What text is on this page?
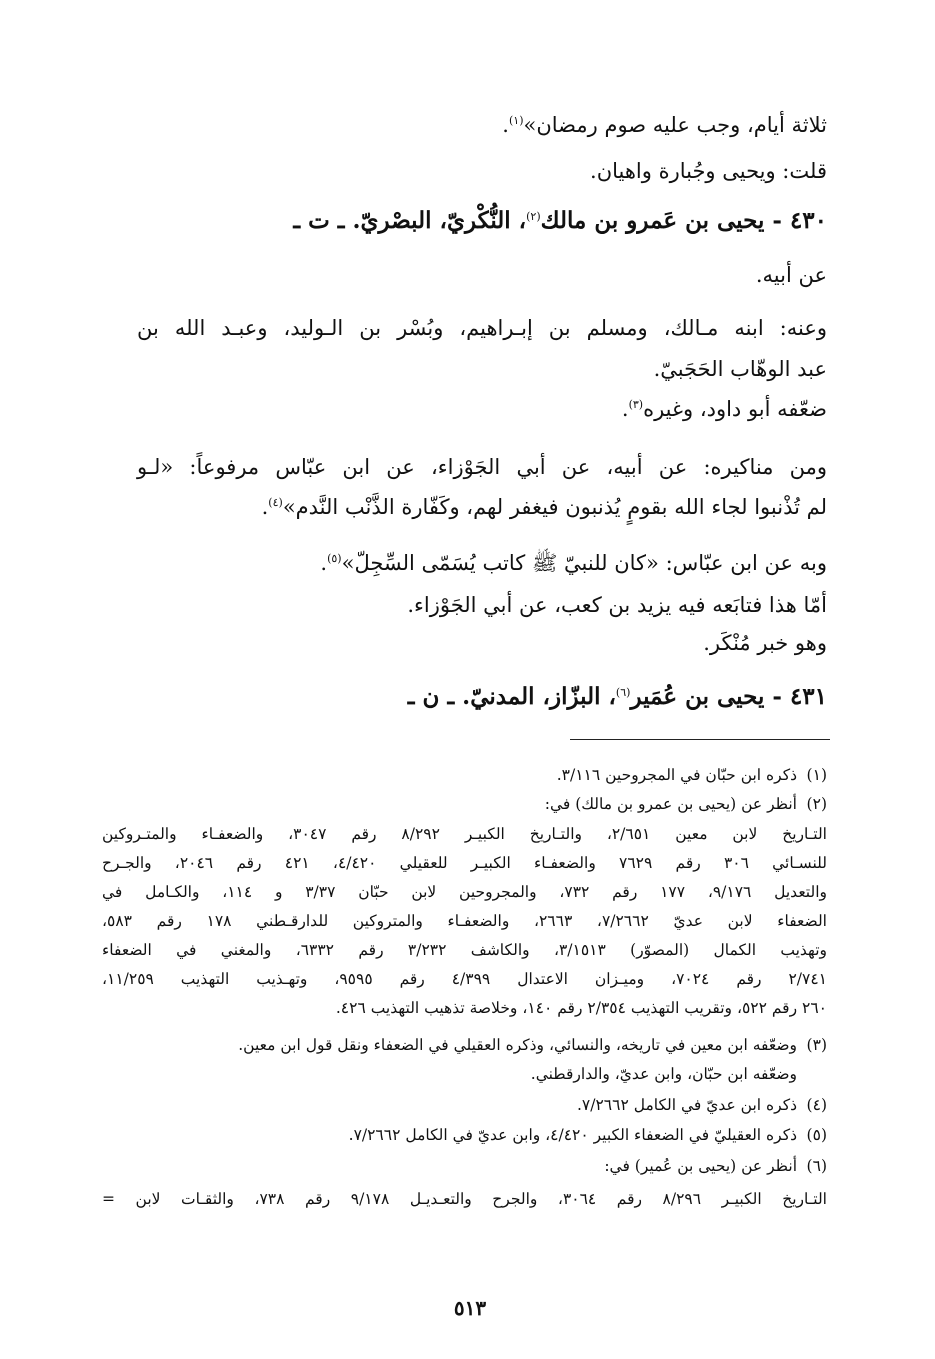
ثلاثة أيام، وجب عليه صوم رمضان»$^{(١)}$.
قلت: ويحيى وجُبارة واهيان.
٤٣٠ - يحيى بن عَمرو بن مالك$^{(٢)}$، النُّكْريّ، البصْريّ. ـ ت ـ
عن أبيه.
وعنه: ابنه مـالك، ومسلم بن إبـراهيم، وبُسْر بن الـوليد، وعبـد الله بن
عبد الوهّاب الحَجَبيّ.
ضعّفه أبو داود، وغيره$^{(٣)}$.
ومن مناكيره: عن أبيه، عن أبي الجَوْزاء، عن ابن عبّاس مرفوعاً: «لـو
لم تُذْنبوا لجاء الله بقومٍ يُذنبون فيغفر لهم، وكَفّارة الذَّنْب النَّدم»$^{(٤)}$.
وبه عن ابن عبّاس: «كان للنبيّ ﷺ كاتب يُسَمّى السِّجِلّ»$^{(٥)}$.
أمّا هذا فتابَعه فيه يزيد بن كعب، عن أبي الجَوْزاء.
وهو خبر مُنْكَر.
٤٣١ - يحيى بن عُمَير$^{(٦)}$، البزّاز، المدنيّ. ـ ن ـ
(١)ذكره ابن حبّان في المجروحين ٣/١١٦.
(٢)أنظر عن (يحيى بن عمرو بن مالك) في:
التـاريخ لابن معين ٢/٦٥١، والتـاريخ الكبيـر ٨/٢٩٢ رقم ٣٠٤٧، والضعفـاء والمتـروكين
للنسـائي ٣٠٦ رقم ٧٦٢٩ والضعفـاء الكبيـر للعقيلي ٤/٤٢٠، ٤٢١ رقم ٢٠٤٦، والجـرح
والتعديل ٩/١٧٦، ١٧٧ رقم ٧٣٢، والمجروحين لابن حبّان ٣/٣٧ و ١١٤، والكـامل في
الضعفاء لابن عديّ ٧/٢٦٦٢، ٢٦٦٣، والضعفـاء والمتروكين للدارقـطني ١٧٨ رقم ٥٨٣،
وتهذيب الكمال (المصوّر) ٣/١٥١٣، والكاشف ٣/٢٣٢ رقم ٦٣٣٢، والمغني في الضعفاء
٢/٧٤١ رقم ٧٠٢٤، وميـزان الاعتدال ٤/٣٩٩ رقم ٩٥٩٥، وتهـذيب التهذيب ١١/٢٥٩،
٢٦٠ رقم ٥٢٢، وتقريب التهذيب ٢/٣٥٤ رقم ١٤٠، وخلاصة تذهيب التهذيب ٤٢٦.
(٣)وضعّفه ابن معين في تاريخه، والنسائي، وذكره العقيلي في الضعفاء ونقل قول ابن معين.
وضعّفه ابن حبّان، وابن عديّ، والدارقطني.
(٤)ذكره ابن عديّ في الكامل ٧/٢٦٦٢.
(٥)ذكره العقيليّ في الضعفاء الكبير ٤/٤٢٠، وابن عديّ في الكامل ٧/٢٦٦٢.
(٦)أنظر عن (يحيى بن عُمير) في:
التـاريخ الكبيـر ٨/٢٩٦ رقم ٣٠٦٤، والجرح والتعـديـل ٩/١٧٨ رقم ٧٣٨، والثقـات لابن =
٥١٣
